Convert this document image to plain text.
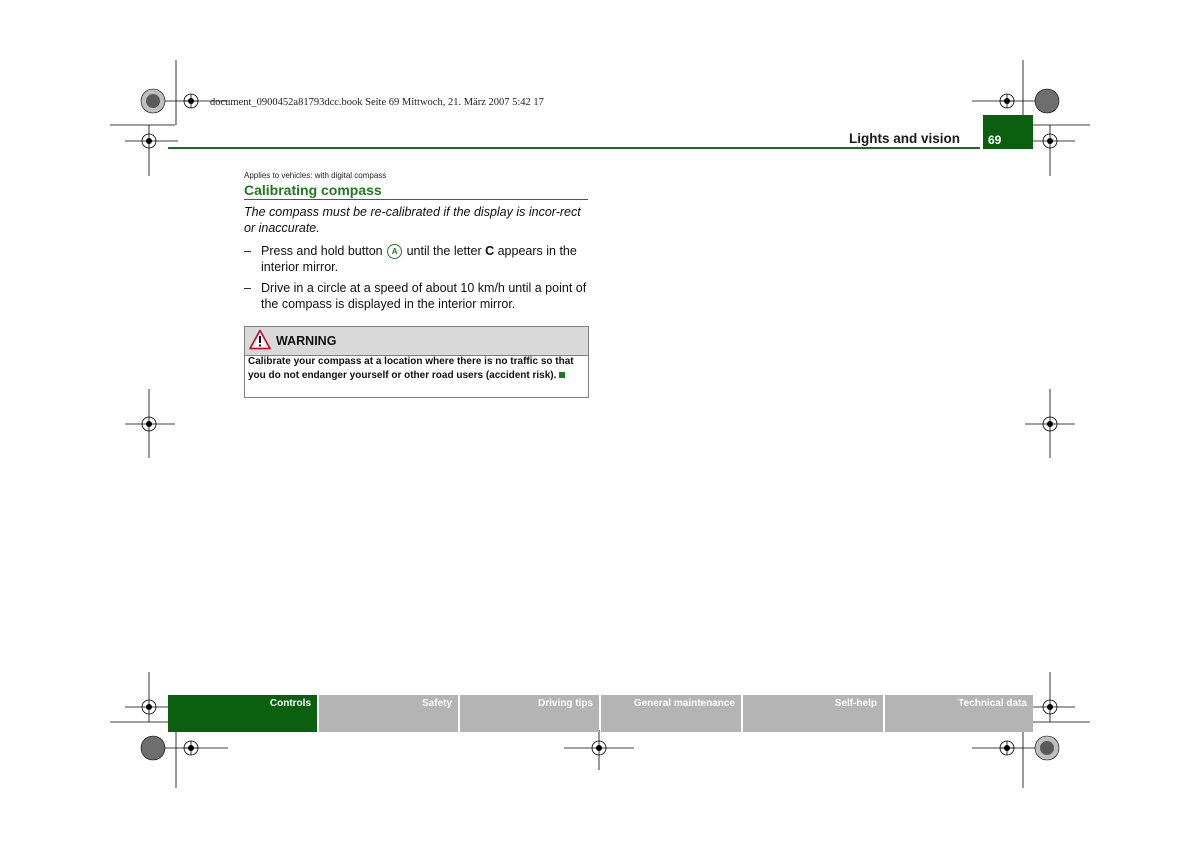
document_0900452a81793dcc.book Seite 69 Mittwoch, 21. März 2007 5:42 17
Lights and vision 69
Applies to vehicles: with digital compass
Calibrating compass
The compass must be re-calibrated if the display is incor-rect or inaccurate.
– Press and hold button A until the letter C appears in the interior mirror.
– Drive in a circle at a speed of about 10 km/h until a point of the compass is displayed in the interior mirror.
WARNING
Calibrate your compass at a location where there is no traffic so that you do not endanger yourself or other road users (accident risk).
Controls	Safety	Driving tips	General maintenance	Self-help	Technical data
